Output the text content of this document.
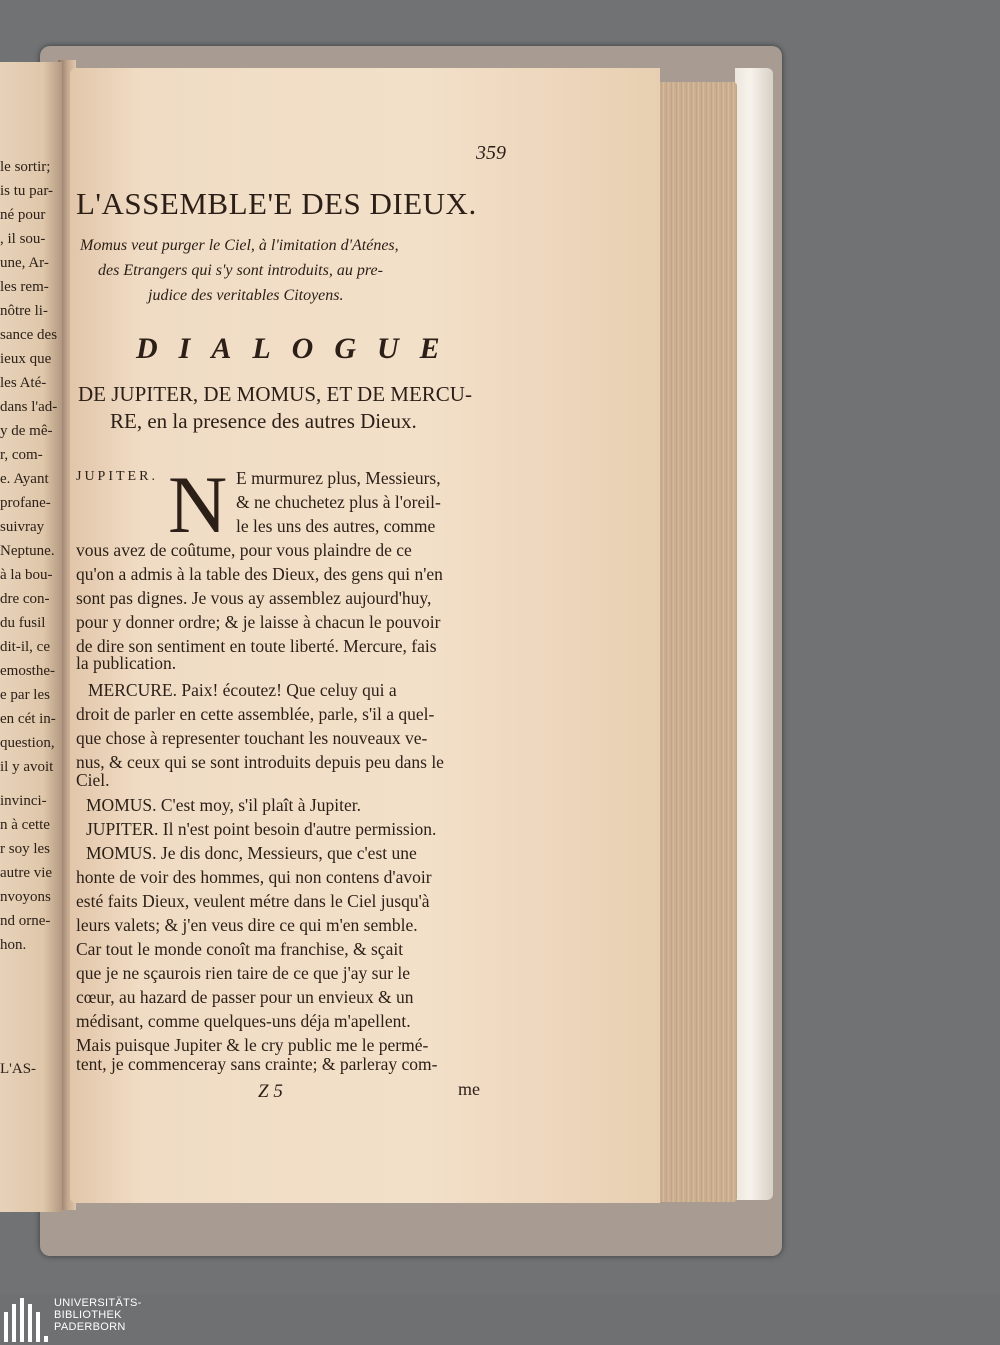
le sortir;
is tu par-
né pour
, il sou-
une, Ar-
les rem-
nôtre li-
sance des
ieux que
les Até-
dans l'ad-
y de mê-
r, com-
e. Ayant
profane-
suivray
Neptune.
à la bou-
dre con-
du fusil
dit-il, ce
emosthe-
e par les
en cét in-
question,
il y avoit
invinci-
n à cette
r soy les
autre vie
nvoyons
nd orne-
hon.
L'AS-
359
L'ASSEMBLE'E DES DIEUX.
Momus veut purger le Ciel, à l'imitation d'Aténes,
des Etrangers qui s'y sont introduits, au pre-
judice des veritables Citoyens.
DIALOGUE
DE JUPITER, DE MOMUS, ET DE MERCU-
RE, en la presence des autres Dieux.
JUPITER. N E murmurez plus, Messieurs,
& ne chuchetez plus à l'oreil-
le les uns des autres, comme
vous avez de coûtume, pour vous plaindre de ce
qu'on a admis à la table des Dieux, des gens qui n'en
sont pas dignes. Je vous ay assemblez aujourd'huy,
pour y donner ordre; & je laisse à chacun le pouvoir
de dire son sentiment en toute liberté. Mercure, fais
la publication.
MERCURE. Paix! écoutez! Que celuy qui a
droit de parler en cette assemblée, parle, s'il a quel-
que chose à representer touchant les nouveaux ve-
nus, & ceux qui se sont introduits depuis peu dans le
Ciel.
MOMUS. C'est moy, s'il plaît à Jupiter.
JUPITER. Il n'est point besoin d'autre permission.
MOMUS. Je dis donc, Messieurs, que c'est une
honte de voir des hommes, qui non contens d'avoir
esté faits Dieux, veulent métre dans le Ciel jusqu'à
leurs valets; & j'en veus dire ce qui m'en semble.
Car tout le monde conoît ma franchise, & sçait
que je ne sçaurois rien taire de ce que j'ay sur le
cœur, au hazard de passer pour un envieux & un
médisant, comme quelques-uns déja m'apellent.
Mais puisque Jupiter & le cry public me le permé-
tent, je commenceray sans crainte; & parleray com-
Z 5	me
UNIVERSITÄTS-
BIBLIOTHEK
PADERBORN
